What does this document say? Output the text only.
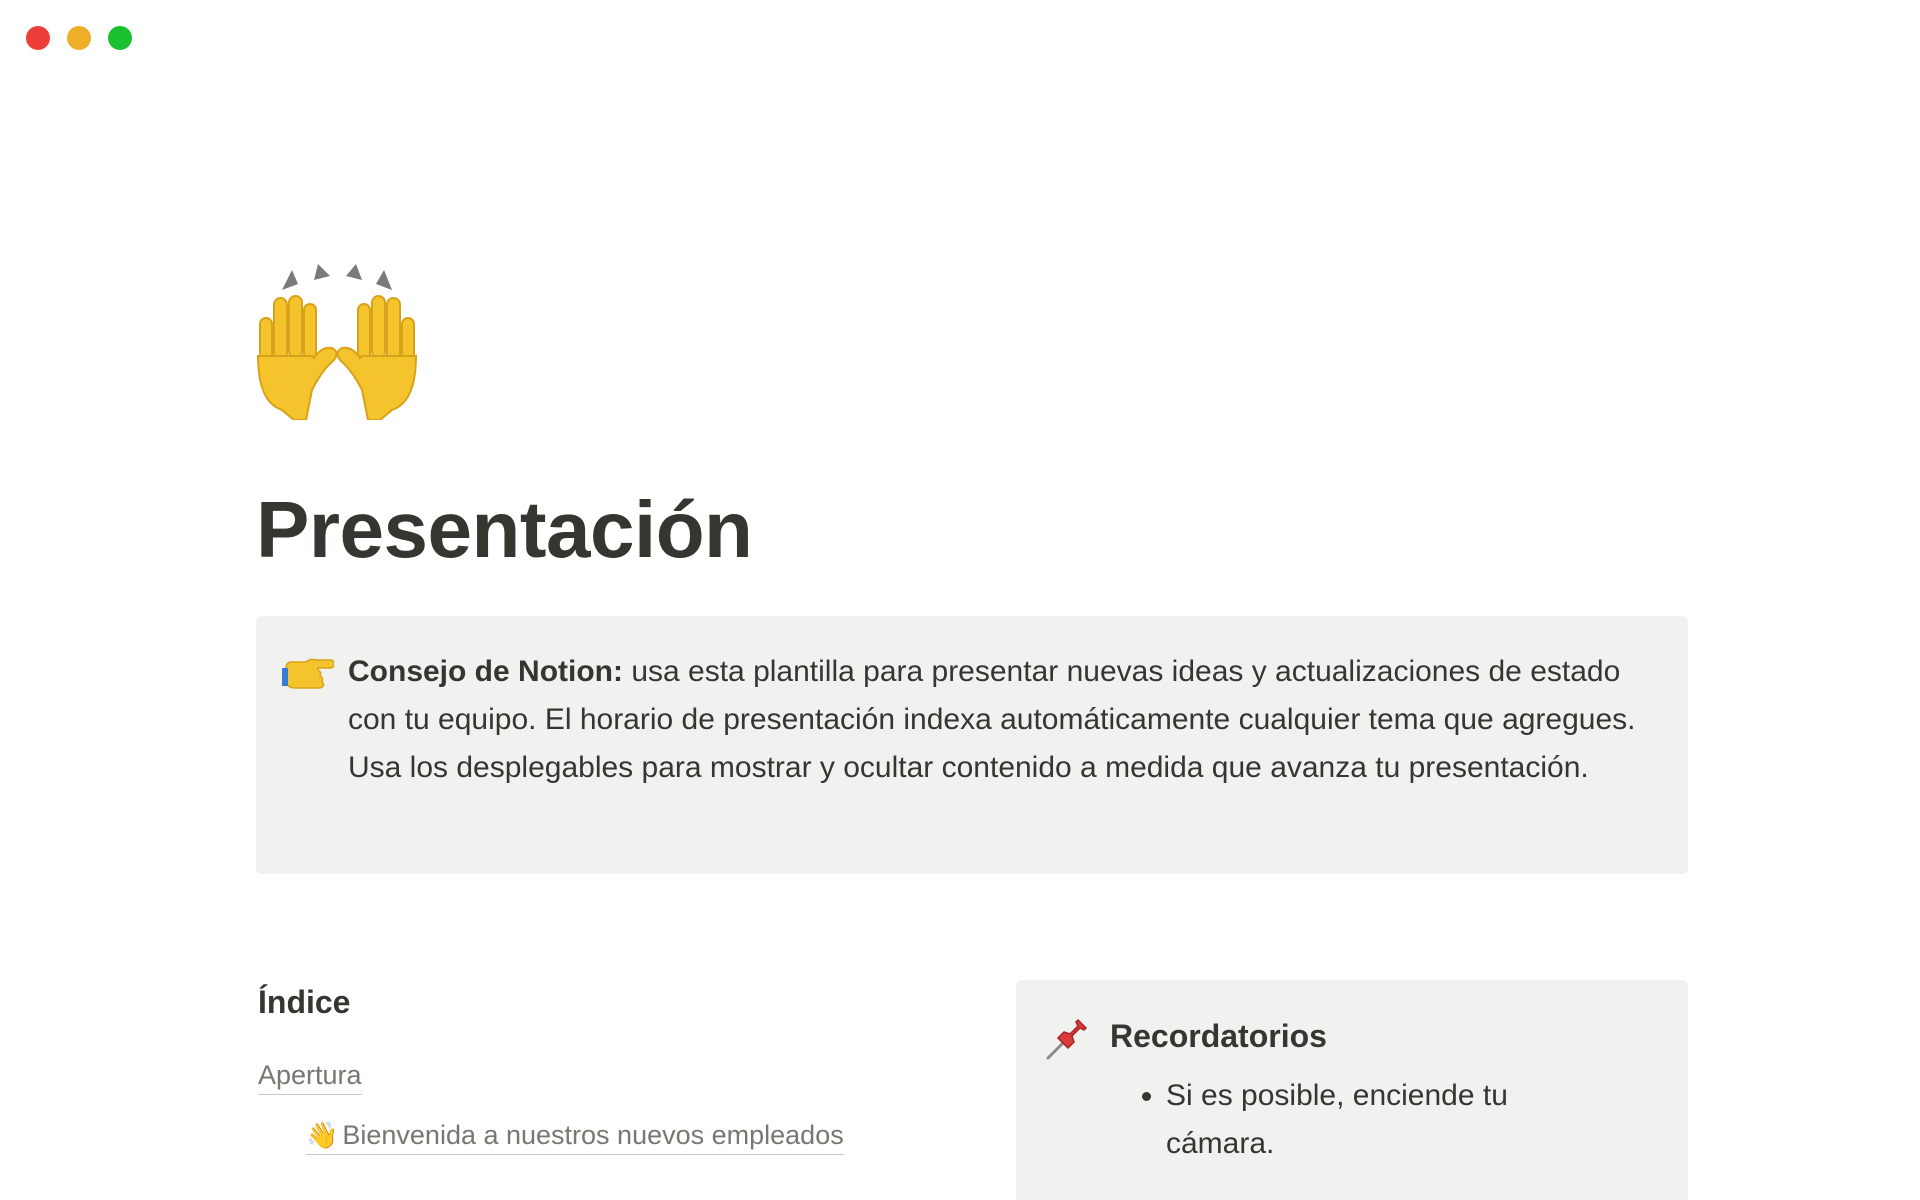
Presentación
Consejo de Notion: usa esta plantilla para presentar nuevas ideas y actualizaciones de estado con tu equipo. El horario de presentación indexa automáticamente cualquier tema que agregues. Usa los desplegables para mostrar y ocultar contenido a medida que avanza tu presentación.
Índice
Apertura
👋 Bienvenida a nuestros nuevos empleados
Recordatorios
• Si es posible, enciende tu cámara.
